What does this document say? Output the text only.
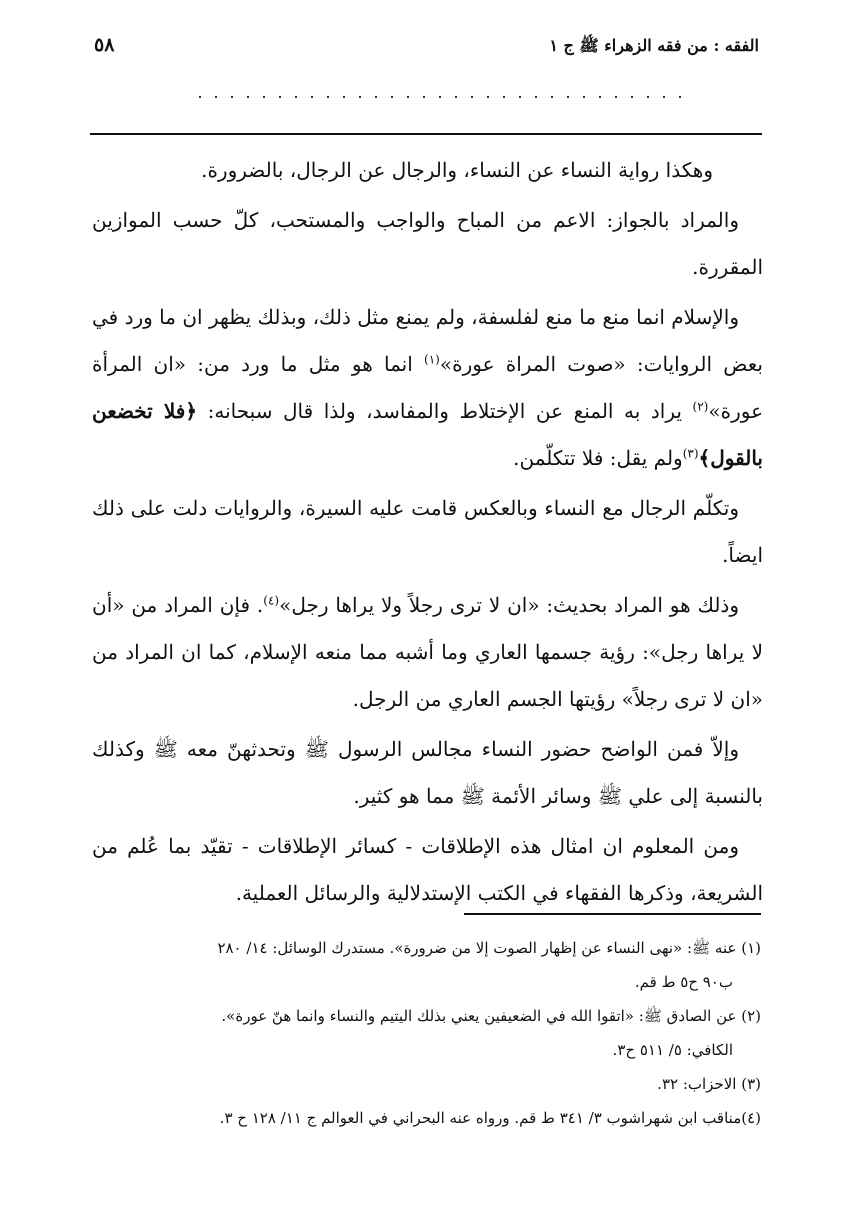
الفقه : من فقه الزهراء ﷺ ج ١
٥٨

وهكذا رواية النساء عن النساء، والرجال عن الرجال، بالضرورة.

والمراد بالجواز: الاعم من المباح والواجب والمستحب، كلّ حسب الموازين المقررة.

والإسلام انما منع ما منع لفلسفة، ولم يمنع مثل ذلك، وبذلك يظهر ان ما ورد في بعض الروايات: «صوت المراة عورة»$^{(١)}$ انما هو مثل ما ورد من: «ان المرأة عورة»$^{(٢)}$ يراد به المنع عن الإختلاط والمفاسد، ولذا قال سبحانه: ﴿فلا تخضعن بالقول﴾$^{(٣)}$ولم يقل: فلا تتكلّمن.

وتكلّم الرجال مع النساء وبالعكس قامت عليه السيرة، والروايات دلت على ذلك ايضاً.

وذلك هو المراد بحديث: «ان لا ترى رجلاً ولا يراها رجل»$^{(٤)}$. فإن المراد من «أن لا يراها رجل»: رؤية جسمها العاري وما أشبه مما منعه الإسلام، كما ان المراد من «ان لا ترى رجلاً» رؤيتها الجسم العاري من الرجل.

وإلاّ فمن الواضح حضور النساء مجالس الرسول ﷺ وتحدثهنّ معه ﷺ وكذلك بالنسبة إلى علي ﷺ وسائر الأئمة ﷺ مما هو كثير.

ومن المعلوم ان امثال هذه الإطلاقات - كسائر الإطلاقات - تقيّد بما عُلم من الشريعة، وذكرها الفقهاء في الكتب الإستدلالية والرسائل العملية.

(١) عنه ﷺ: «نهى النساء عن إظهار الصوت إلا من ضرورة». مستدرك الوسائل: ١٤/ ٢٨٠

ب٩٠ ح٥ ط قم.

(٢) عن الصادق ﷺ: «اتقوا الله في الضعيفين يعني بذلك اليتيم والنساء وانما هنّ عورة».

الكافي: ٥/ ٥١١ ح٣.

(٣) الاحزاب: ٣٢.

(٤)مناقب ابن شهراشوب ٣/ ٣٤١ ط قم. ورواه عنه البحراني في العوالم ج ١١/ ١٢٨ ح ٣.
